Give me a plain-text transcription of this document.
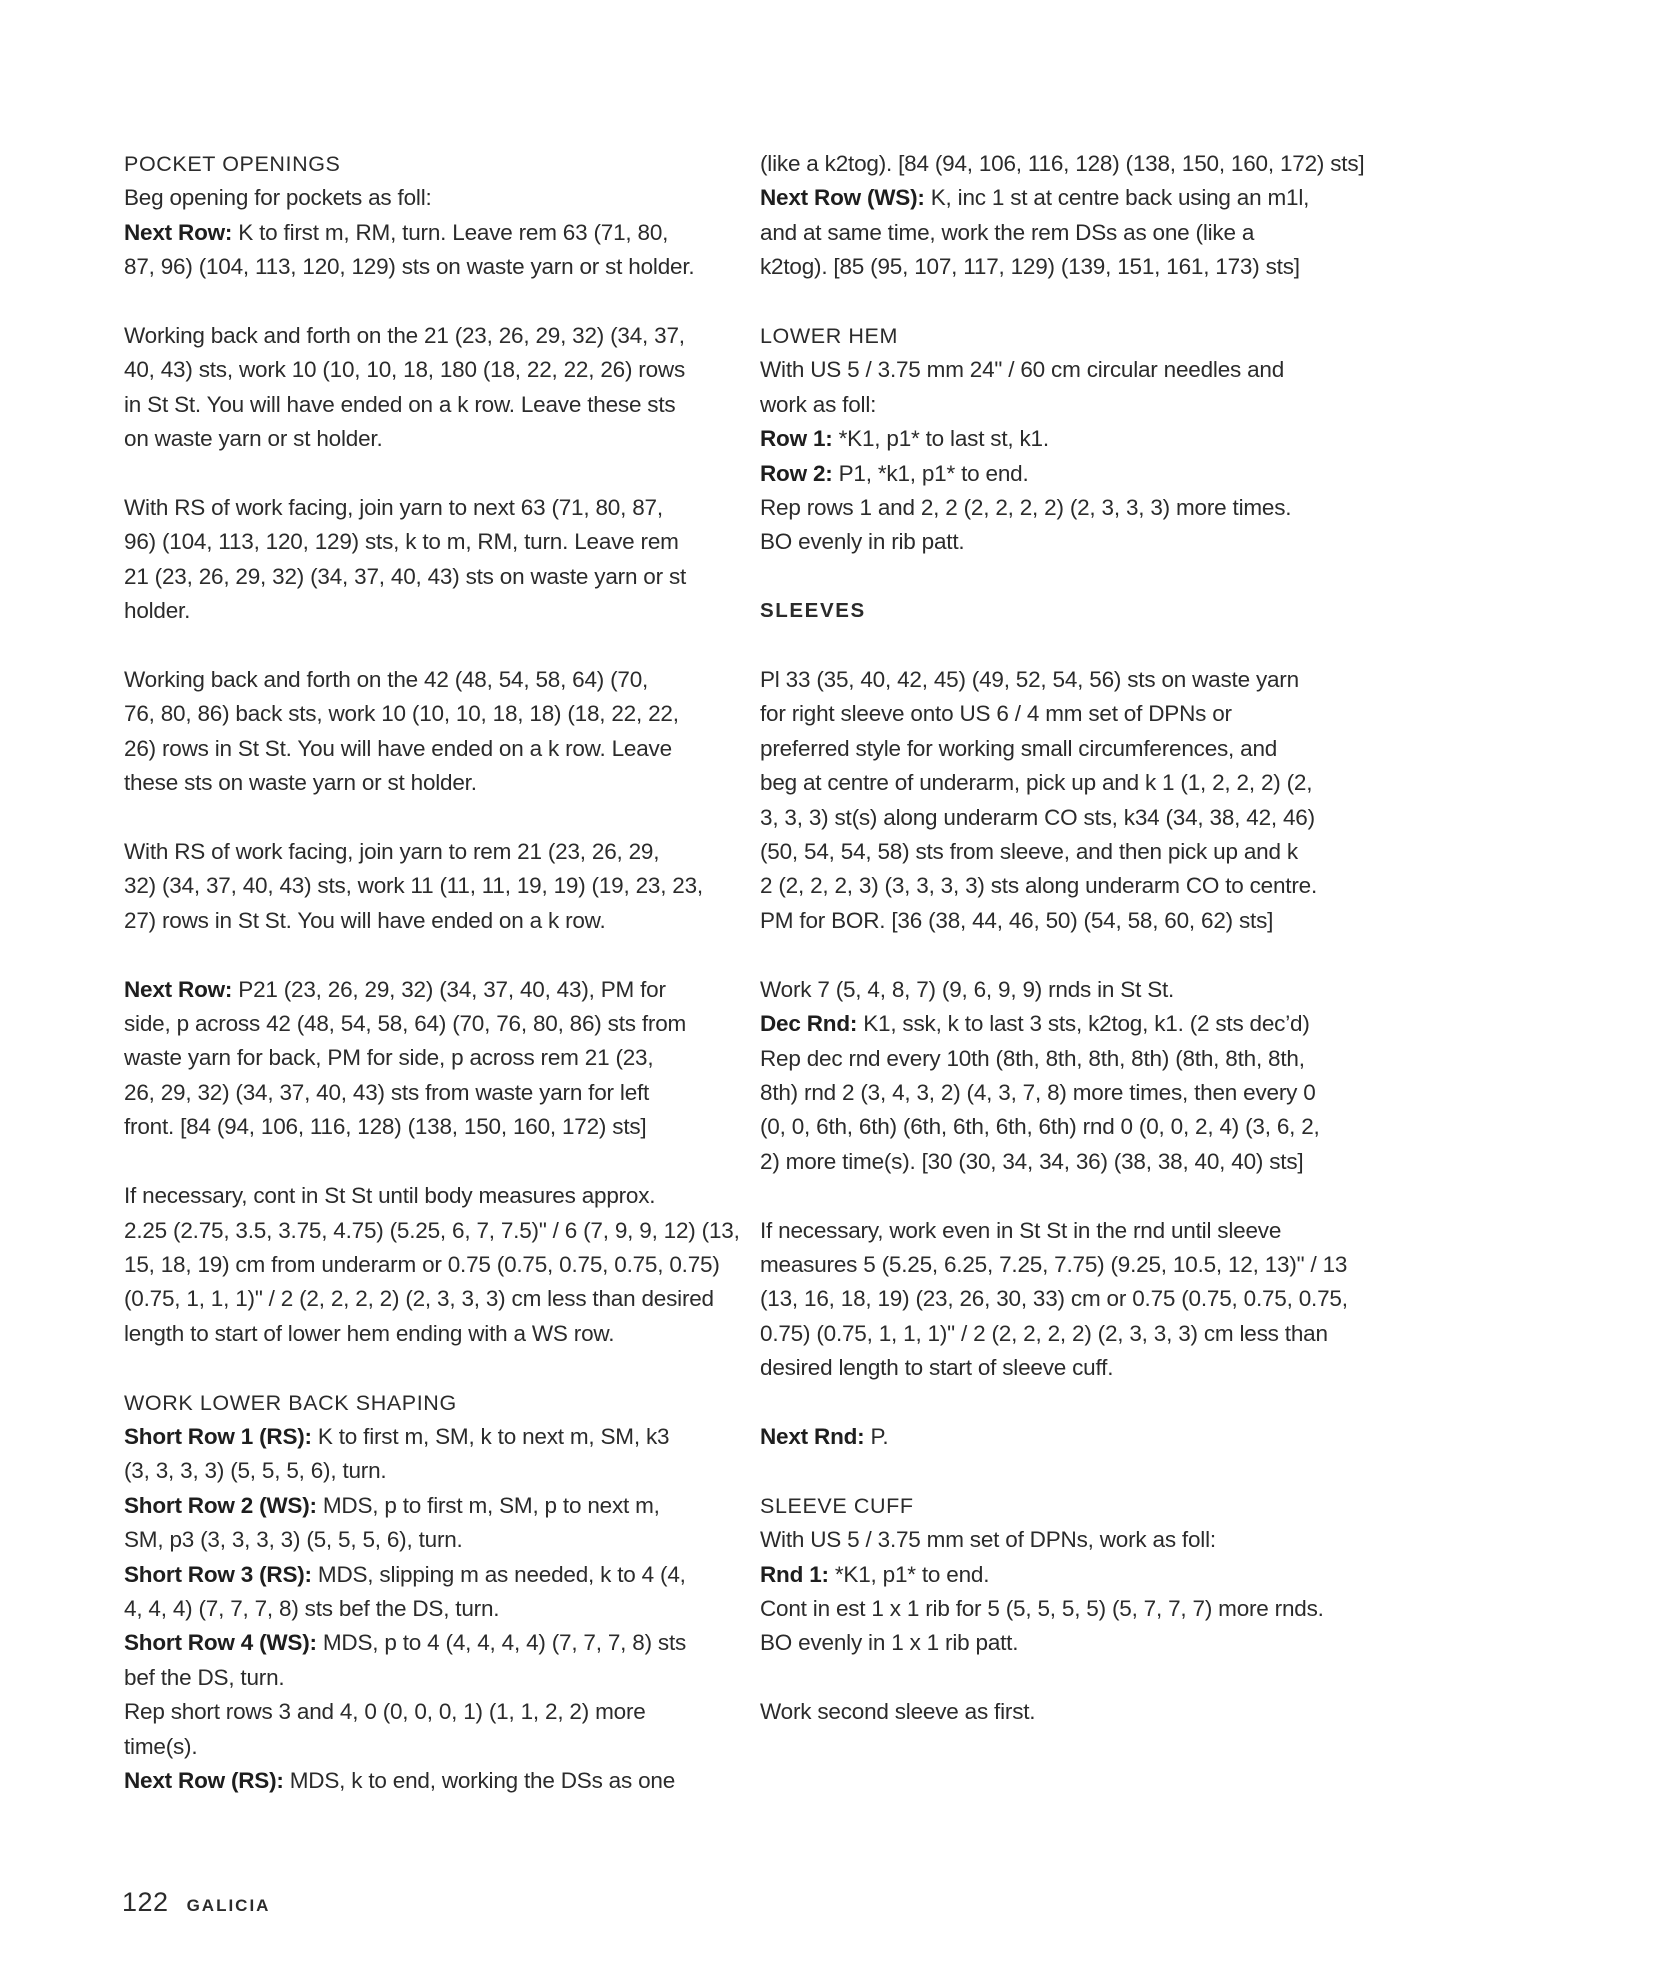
POCKET OPENINGS
Beg opening for pockets as foll:
Next Row: K to first m, RM, turn. Leave rem 63 (71, 80,
87, 96) (104, 113, 120, 129) sts on waste yarn or st holder.
Working back and forth on the 21 (23, 26, 29, 32) (34, 37,
40, 43) sts, work 10 (10, 10, 18, 180 (18, 22, 22, 26) rows
in St St. You will have ended on a k row. Leave these sts
on waste yarn or st holder.
With RS of work facing, join yarn to next 63 (71, 80, 87,
96) (104, 113, 120, 129) sts, k to m, RM, turn. Leave rem
21 (23, 26, 29, 32) (34, 37, 40, 43) sts on waste yarn or st
holder.
Working back and forth on the 42 (48, 54, 58, 64) (70,
76, 80, 86) back sts, work 10 (10, 10, 18, 18) (18, 22, 22,
26) rows in St St. You will have ended on a k row. Leave
these sts on waste yarn or st holder.
With RS of work facing, join yarn to rem 21 (23, 26, 29,
32) (34, 37, 40, 43) sts, work 11 (11, 11, 19, 19) (19, 23, 23,
27) rows in St St. You will have ended on a k row.
Next Row: P21 (23, 26, 29, 32) (34, 37, 40, 43), PM for
side, p across 42 (48, 54, 58, 64) (70, 76, 80, 86) sts from
waste yarn for back, PM for side, p across rem 21 (23,
26, 29, 32) (34, 37, 40, 43) sts from waste yarn for left
front. [84 (94, 106, 116, 128) (138, 150, 160, 172) sts]
If necessary, cont in St St until body measures approx.
2.25 (2.75, 3.5, 3.75, 4.75) (5.25, 6, 7, 7.5)" / 6 (7, 9, 9, 12) (13,
15, 18, 19) cm from underarm or 0.75 (0.75, 0.75, 0.75, 0.75)
(0.75, 1, 1, 1)" / 2 (2, 2, 2, 2) (2, 3, 3, 3) cm less than desired
length to start of lower hem ending with a WS row.
WORK LOWER BACK SHAPING
Short Row 1 (RS): K to first m, SM, k to next m, SM, k3
(3, 3, 3, 3) (5, 5, 5, 6), turn.
Short Row 2 (WS): MDS, p to first m, SM, p to next m,
SM, p3 (3, 3, 3, 3) (5, 5, 5, 6), turn.
Short Row 3 (RS): MDS, slipping m as needed, k to 4 (4,
4, 4, 4) (7, 7, 7, 8) sts bef the DS, turn.
Short Row 4 (WS): MDS, p to 4 (4, 4, 4, 4) (7, 7, 7, 8) sts
bef the DS, turn.
Rep short rows 3 and 4, 0 (0, 0, 0, 1) (1, 1, 2, 2) more
time(s).
Next Row (RS): MDS, k to end, working the DSs as one
(like a k2tog). [84 (94, 106, 116, 128) (138, 150, 160, 172) sts]
Next Row (WS): K, inc 1 st at centre back using an m1l,
and at same time, work the rem DSs as one (like a
k2tog). [85 (95, 107, 117, 129) (139, 151, 161, 173) sts]
LOWER HEM
With US 5 / 3.75 mm 24" / 60 cm circular needles and
work as foll:
Row 1: *K1, p1* to last st, k1.
Row 2: P1, *k1, p1* to end.
Rep rows 1 and 2, 2 (2, 2, 2, 2) (2, 3, 3, 3) more times.
BO evenly in rib patt.
SLEEVES
Pl 33 (35, 40, 42, 45) (49, 52, 54, 56) sts on waste yarn
for right sleeve onto US 6 / 4 mm set of DPNs or
preferred style for working small circumferences, and
beg at centre of underarm, pick up and k 1 (1, 2, 2, 2) (2,
3, 3, 3) st(s) along underarm CO sts, k34 (34, 38, 42, 46)
(50, 54, 54, 58) sts from sleeve, and then pick up and k
2 (2, 2, 2, 3) (3, 3, 3, 3) sts along underarm CO to centre.
PM for BOR. [36 (38, 44, 46, 50) (54, 58, 60, 62) sts]
Work 7 (5, 4, 8, 7) (9, 6, 9, 9) rnds in St St.
Dec Rnd: K1, ssk, k to last 3 sts, k2tog, k1. (2 sts dec’d)
Rep dec rnd every 10th (8th, 8th, 8th, 8th) (8th, 8th, 8th,
8th) rnd 2 (3, 4, 3, 2) (4, 3, 7, 8) more times, then every 0
(0, 0, 6th, 6th) (6th, 6th, 6th, 6th) rnd 0 (0, 0, 2, 4) (3, 6, 2,
2) more time(s). [30 (30, 34, 34, 36) (38, 38, 40, 40) sts]
If necessary, work even in St St in the rnd until sleeve
measures 5 (5.25, 6.25, 7.25, 7.75) (9.25, 10.5, 12, 13)" / 13
(13, 16, 18, 19) (23, 26, 30, 33) cm or 0.75 (0.75, 0.75, 0.75,
0.75) (0.75, 1, 1, 1)" / 2 (2, 2, 2, 2) (2, 3, 3, 3) cm less than
desired length to start of sleeve cuff.
Next Rnd: P.
SLEEVE CUFF
With US 5 / 3.75 mm set of DPNs, work as foll:
Rnd 1: *K1, p1* to end.
Cont in est 1 x 1 rib for 5 (5, 5, 5, 5) (5, 7, 7, 7) more rnds.
BO evenly in 1 x 1 rib patt.
Work second sleeve as first.
122 GALICIA
